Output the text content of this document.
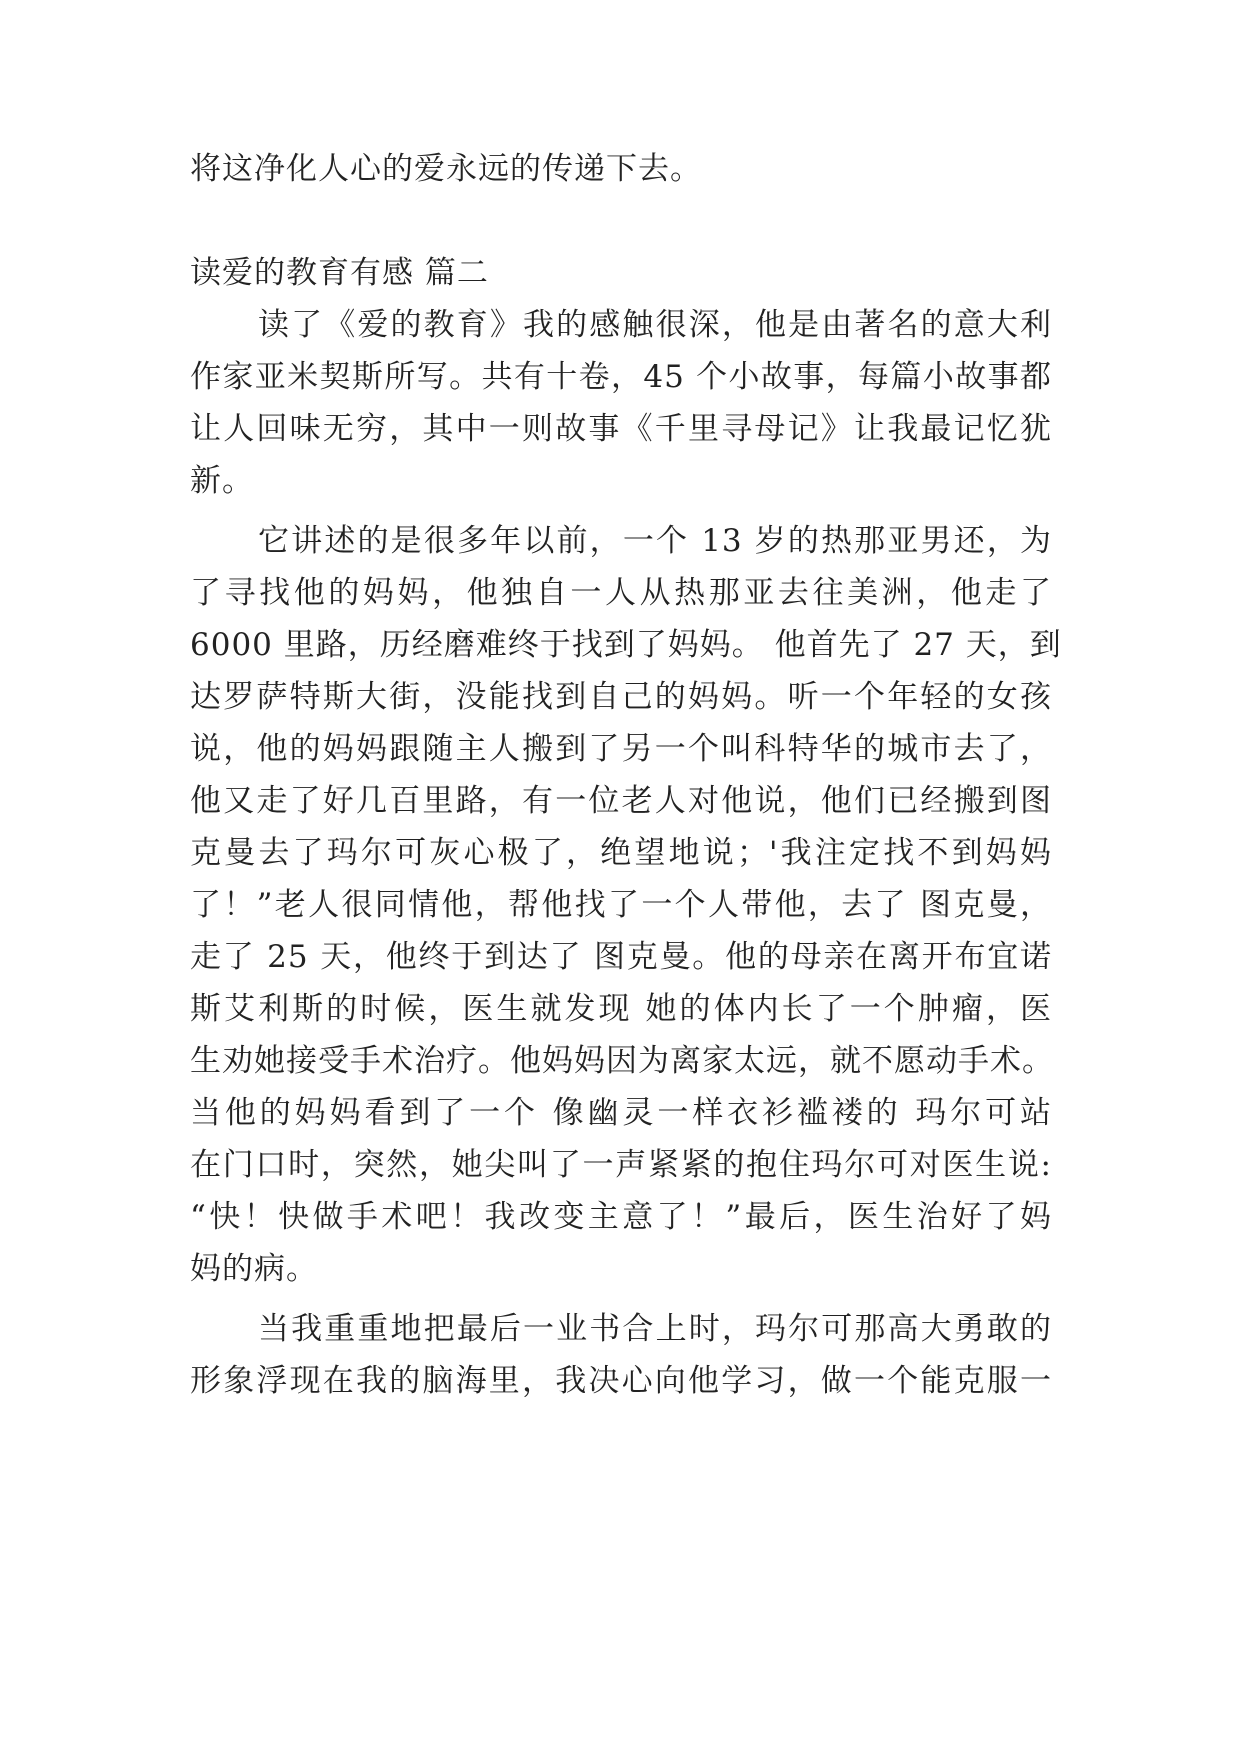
将这净化人心的爱永远的传递下去。
读爱的教育有感 篇二
读了《爱的教育》我的感触很深，他是由著名的意大利
作家亚米契斯所写。共有十卷，45 个小故事，每篇小故事都
让人回味无穷，其中一则故事《千里寻母记》让我最记忆犹
新。
它讲述的是很多年以前，一个 13 岁的热那亚男还，为
了寻找他的妈妈，他独自一人从热那亚去往美洲，他走了
6000 里路，历经磨难终于找到了妈妈。 他首先了 27 天，到
达罗萨特斯大街，没能找到自己的妈妈。听一个年轻的女孩
说，他的妈妈跟随主人搬到了另一个叫科特华的城市去了，
他又走了好几百里路，有一位老人对他说，他们已经搬到图
克曼去了玛尔可灰心极了，绝望地说；'我注定找不到妈妈
了！”老人很同情他，帮他找了一个人带他，去了 图克曼，
走了 25 天，他终于到达了 图克曼。他的母亲在离开布宜诺
斯艾利斯的时候，医生就发现 她的体内长了一个肿瘤，医
生劝她接受手术治疗。他妈妈因为离家太远，就不愿动手术。
当他的妈妈看到了一个 像幽灵一样衣衫褴褛的 玛尔可站
在门口时，突然，她尖叫了一声紧紧的抱住玛尔可对医生说:
“快！快做手术吧！我改变主意了！”最后，医生治好了妈
妈的病。
当我重重地把最后一业书合上时，玛尔可那高大勇敢的
形象浮现在我的脑海里，我决心向他学习，做一个能克服一
